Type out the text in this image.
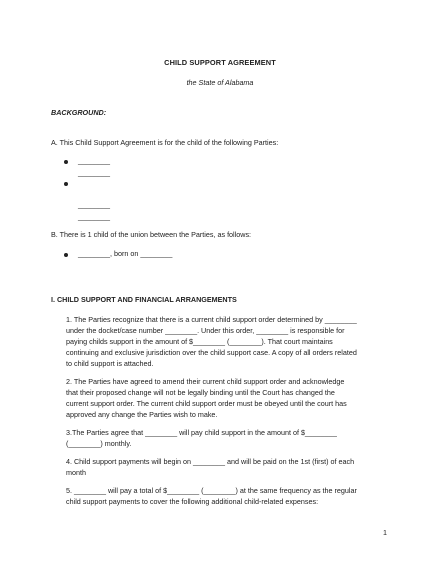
CHILD SUPPORT AGREEMENT
the State of Alabama
BACKGROUND:
A. This Child Support Agreement is for the child of the following Parties:
________
________
________
________
B. There is 1 child of the union between the Parties, as follows:
________, born on ________
I. CHILD SUPPORT AND FINANCIAL ARRANGEMENTS
1. The Parties recognize that there is a current child support order determined by ________
under the docket/case number ________. Under this order, ________ is responsible for
paying childs support in the amount of $________ (________). That court maintains
continuing and exclusive jurisdiction over the child support case. A copy of all orders related
to child support is attached.
2. The Parties have agreed to amend their current child support order and acknowledge
that their proposed change will not be legally binding until the Court has changed the
current support order. The current child support order must be obeyed until the court has
approved any change the Parties wish to make.
3.The Parties agree that ________ will pay child support in the amount of $________
(________) monthly.
4. Child support payments will begin on ________ and will be paid on the 1st (first) of each
month
5. ________ will pay a total of $________ (________) at the same frequency as the regular
child support payments to cover the following additional child-related expenses:
1
